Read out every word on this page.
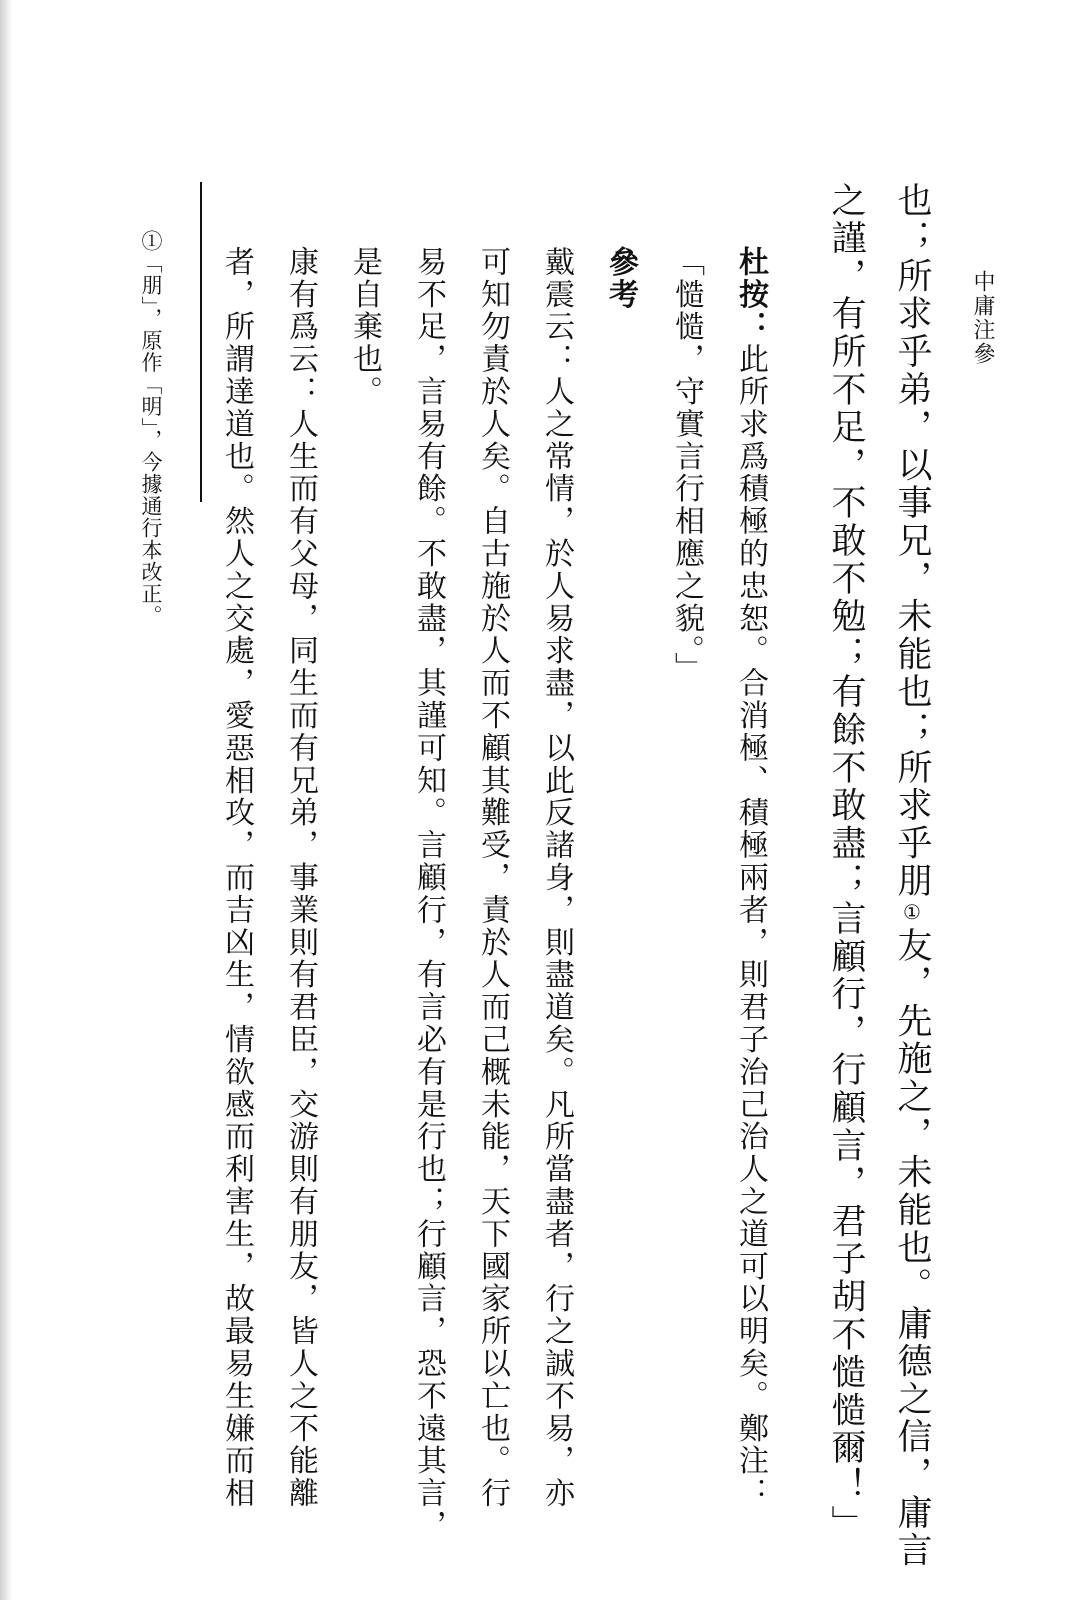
中庸注參
也；所求乎弟，以事兄，未能也；所求乎朋①友，先施之，未能也。庸德之信，庸言
之謹，有所不足，不敢不勉；有餘不敢盡；言顧行，行顧言，君子胡不慥慥爾！」
杜按：此所求爲積極的忠恕。合消極、積極兩者，則君子治己治人之道可以明矣。鄭注：
「慥慥，守實言行相應之貌。」
參考
戴震云：人之常情，於人易求盡，以此反諸身，則盡道矣。凡所當盡者，行之誠不易，亦
可知勿責於人矣。自古施於人而不顧其難受，責於人而己概未能，天下國家所以亡也。行
易不足，言易有餘。不敢盡，其謹可知。言顧行，有言必有是行也；行顧言，恐不遠其言，
是自棄也。
康有爲云：人生而有父母，同生而有兄弟，事業則有君臣，交游則有朋友，皆人之不能離
者，所謂達道也。然人之交處，愛惡相攻，而吉凶生，情欲感而利害生，故最易生嫌而相
①「朋」，原作「明」，今據通行本改正。
